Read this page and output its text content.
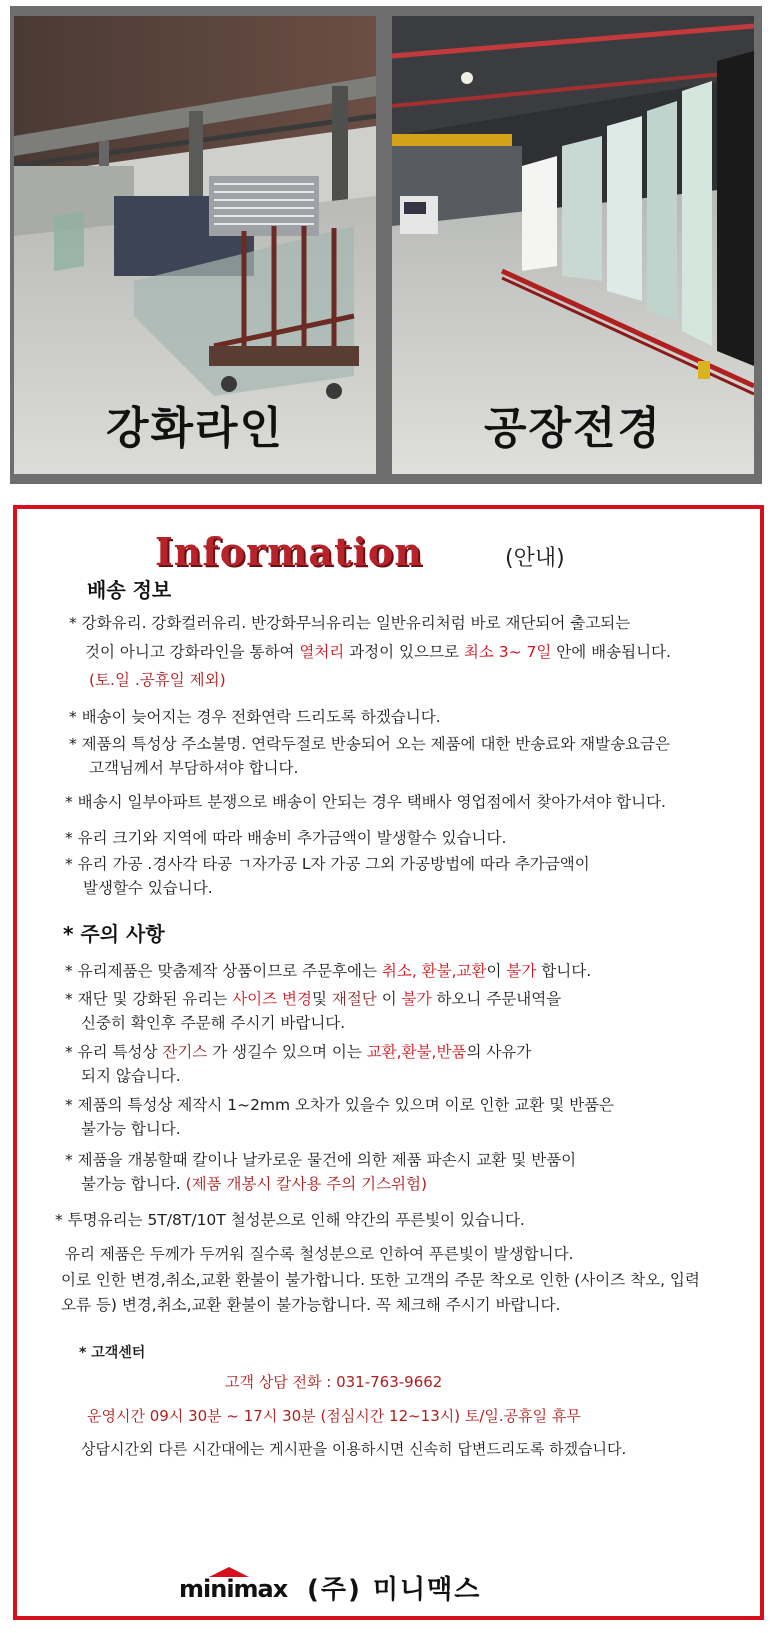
강화라인	공장전경
Information	(안내)
배송 정보
* 강화유리. 강화컬러유리. 반강화무늬유리는 일반유리처럼 바로 재단되어 출고되는
것이 아니고 강화라인을 통하여 열처리 과정이 있으므로 최소 3~ 7일 안에 배송됩니다.
(토.일 .공휴일 제외)
* 배송이 늦어지는 경우 전화연락 드리도록 하겠습니다.
* 제품의 특성상 주소불명. 연락두절로 반송되어 오는 제품에 대한 반송료와 재발송요금은
고객님께서 부담하셔야 합니다.
* 배송시 일부아파트 분쟁으로 배송이 안되는 경우 택배사 영업점에서 찾아가셔야 합니다.
* 유리 크기와 지역에 따라 배송비 추가금액이 발생할수 있습니다.
* 유리 가공 .경사각 타공 ㄱ자가공 L자 가공 그외 가공방법에 따라 추가금액이
발생할수 있습니다.
* 주의 사항
* 유리제품은 맞춤제작 상품이므로 주문후에는 취소, 환불,교환이 불가 합니다.
* 재단 및 강화된 유리는 사이즈 변경및 재절단 이 불가 하오니 주문내역을
신중히 확인후 주문해 주시기 바랍니다.
* 유리 특성상 잔기스 가 생길수 있으며 이는 교환,환불,반품의 사유가
되지 않습니다.
* 제품의 특성상 제작시 1~2mm 오차가 있을수 있으며 이로 인한 교환 및 반품은
불가능 합니다.
* 제품을 개봉할때 칼이나 날카로운 물건에 의한 제품 파손시 교환 및 반품이
불가능 합니다. (제품 개봉시 칼사용 주의 기스위험)
* 투명유리는 5T/8T/10T 철성분으로 인해 약간의 푸른빛이 있습니다.
유리 제품은 두께가 두꺼워 질수록 철성분으로 인하여 푸른빛이 발생합니다.
이로 인한 변경,취소,교환 환불이 불가합니다. 또한 고객의 주문 착오로 인한 (사이즈 착오, 입력
오류 등) 변경,취소,교환 환불이 불가능합니다. 꼭 체크해 주시기 바랍니다.
* 고객센터
고객 상담 전화 : 031-763-9662
운영시간 09시 30분 ~ 17시 30분 (점심시간 12~13시) 토/일.공휴일 휴무
상담시간외 다른 시간대에는 게시판을 이용하시면 신속히 답변드리도록 하겠습니다.
minimax (주) 미니맥스
